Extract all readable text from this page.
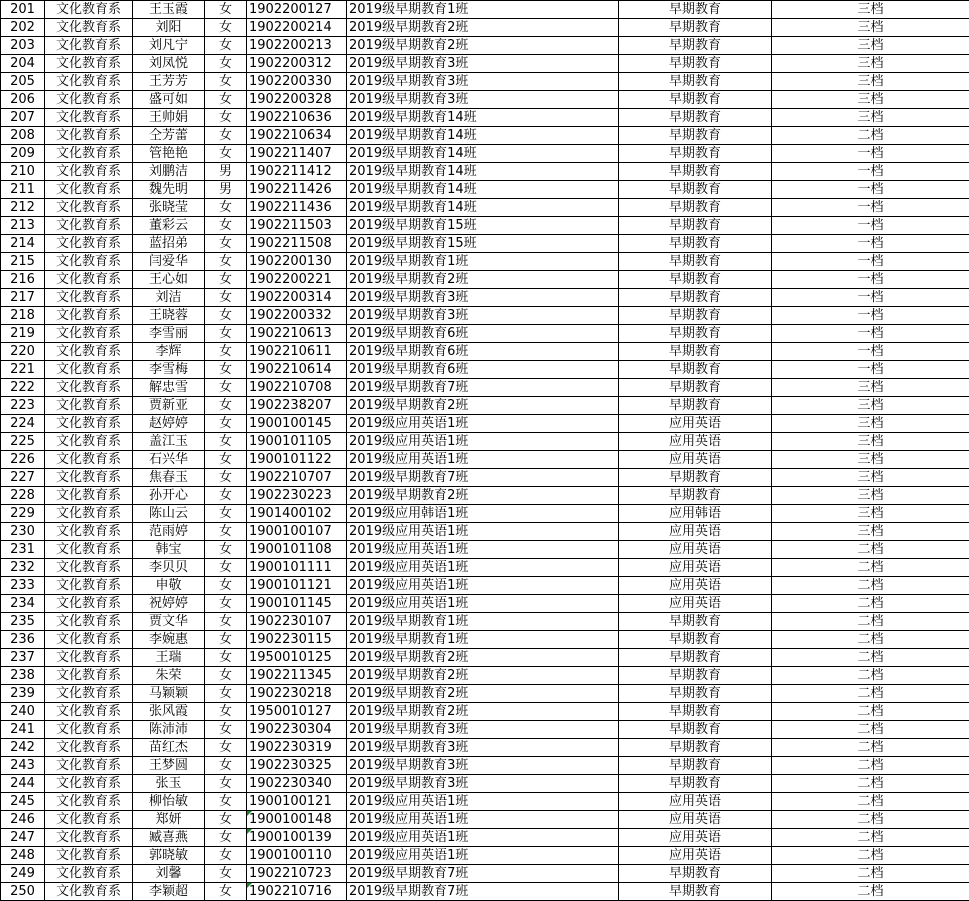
201	文化教育系	王玉霞	女	1902200127	2019级早期教育1班	早期教育	三档
202	文化教育系	刘阳	女	1902200214	2019级早期教育2班	早期教育	三档
203	文化教育系	刘凡宁	女	1902200213	2019级早期教育2班	早期教育	三档
204	文化教育系	刘凤悦	女	1902200312	2019级早期教育3班	早期教育	三档
205	文化教育系	王芳芳	女	1902200330	2019级早期教育3班	早期教育	三档
206	文化教育系	盛可如	女	1902200328	2019级早期教育3班	早期教育	三档
207	文化教育系	王帅娟	女	1902210636	2019级早期教育14班	早期教育	三档
208	文化教育系	仝芳蕾	女	1902210634	2019级早期教育14班	早期教育	二档
209	文化教育系	管艳艳	女	1902211407	2019级早期教育14班	早期教育	一档
210	文化教育系	刘鹏洁	男	1902211412	2019级早期教育14班	早期教育	一档
211	文化教育系	魏先明	男	1902211426	2019级早期教育14班	早期教育	一档
212	文化教育系	张晓莹	女	1902211436	2019级早期教育14班	早期教育	一档
213	文化教育系	董彩云	女	1902211503	2019级早期教育15班	早期教育	一档
214	文化教育系	蓝招弟	女	1902211508	2019级早期教育15班	早期教育	一档
215	文化教育系	闫爱华	女	1902200130	2019级早期教育1班	早期教育	一档
216	文化教育系	王心如	女	1902200221	2019级早期教育2班	早期教育	一档
217	文化教育系	刘洁	女	1902200314	2019级早期教育3班	早期教育	一档
218	文化教育系	王晓蓉	女	1902200332	2019级早期教育3班	早期教育	一档
219	文化教育系	李雪丽	女	1902210613	2019级早期教育6班	早期教育	一档
220	文化教育系	李辉	女	1902210611	2019级早期教育6班	早期教育	一档
221	文化教育系	李雪梅	女	1902210614	2019级早期教育6班	早期教育	一档
222	文化教育系	解忠雪	女	1902210708	2019级早期教育7班	早期教育	三档
223	文化教育系	贾新亚	女	1902238207	2019级早期教育2班	早期教育	三档
224	文化教育系	赵婷婷	女	1900100145	2019级应用英语1班	应用英语	三档
225	文化教育系	盖江玉	女	1900101105	2019级应用英语1班	应用英语	三档
226	文化教育系	石兴华	女	1900101122	2019级应用英语1班	应用英语	三档
227	文化教育系	焦春玉	女	1902210707	2019级早期教育7班	早期教育	三档
228	文化教育系	孙开心	女	1902230223	2019级早期教育2班	早期教育	三档
229	文化教育系	陈山云	女	1901400102	2019级应用韩语1班	应用韩语	三档
230	文化教育系	范雨婷	女	1900100107	2019级应用英语1班	应用英语	三档
231	文化教育系	韩宝	女	1900101108	2019级应用英语1班	应用英语	二档
232	文化教育系	李贝贝	女	1900101111	2019级应用英语1班	应用英语	二档
233	文化教育系	申敬	女	1900101121	2019级应用英语1班	应用英语	二档
234	文化教育系	祝婷婷	女	1900101145	2019级应用英语1班	应用英语	二档
235	文化教育系	贾文华	女	1902230107	2019级早期教育1班	早期教育	二档
236	文化教育系	李婉惠	女	1902230115	2019级早期教育1班	早期教育	二档
237	文化教育系	王瑞	女	1950010125	2019级早期教育2班	早期教育	二档
238	文化教育系	朱荣	女	1902211345	2019级早期教育2班	早期教育	二档
239	文化教育系	马颖颖	女	1902230218	2019级早期教育2班	早期教育	二档
240	文化教育系	张风霞	女	1950010127	2019级早期教育2班	早期教育	二档
241	文化教育系	陈沛沛	女	1902230304	2019级早期教育3班	早期教育	二档
242	文化教育系	苗红杰	女	1902230319	2019级早期教育3班	早期教育	二档
243	文化教育系	王梦圆	女	1902230325	2019级早期教育3班	早期教育	二档
244	文化教育系	张玉	女	1902230340	2019级早期教育3班	早期教育	二档
245	文化教育系	柳怡敏	女	1900100121	2019级应用英语1班	应用英语	二档
246	文化教育系	郑妍	女	1900100148	2019级应用英语1班	应用英语	二档
247	文化教育系	臧喜燕	女	1900100139	2019级应用英语1班	应用英语	二档
248	文化教育系	郭晓敏	女	1900100110	2019级应用英语1班	应用英语	二档
249	文化教育系	刘馨	女	1902210723	2019级早期教育7班	早期教育	二档
250	文化教育系	李颖超	女	1902210716	2019级早期教育7班	早期教育	二档
